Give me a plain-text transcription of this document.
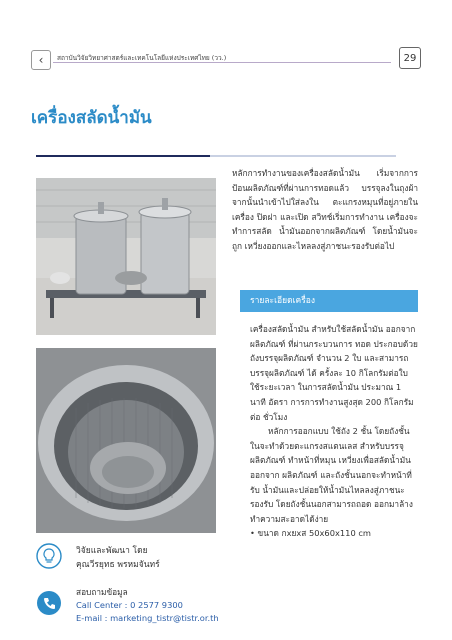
‹ สถาบันวิจัยวิทยาศาสตร์และเทคโนโลยีแห่งประเทศไทย (วว.)	29
เครื่องสลัดน้ำมัน
หลักการทำงานของเครื่องสลัดน้ำมัน เริ่มจากการป้อนผลิตภัณฑ์ที่ผ่านการทอดแล้ว บรรจุลงในถุงผ้า จากนั้นนำเข้าไปใส่ลงใน ตะแกรงหมุนที่อยู่ภายในเครื่อง ปิดฝา และเปิด สวิทช์เริ่มการทำงาน เครื่องจะทำการสลัด น้ำมันออกจากผลิตภัณฑ์ โดยน้ำมันจะถูก เหวี่ยงออกและไหลลงสู่ภาชนะรองรับต่อไป
รายละเอียดเครื่อง

เครื่องสลัดน้ำมัน สำหรับใช้สลัดน้ำมัน ออกจากผลิตภัณฑ์ ที่ผ่านกระบวนการ ทอด ประกอบด้วยถังบรรจุผลิตภัณฑ์ จำนวน 2 ใบ และสามารถบรรจุผลิตภัณฑ์ ได้ ครั้งละ 10 กิโลกรัมต่อใบ ใช้ระยะเวลา ในการสลัดน้ำมัน ประมาณ 1 นาที อัตรา การการทำงานสูงสุด 200 กิโลกรัมต่อ ชั่วโมง

หลักการออกแบบ ใช้ถัง 2 ชั้น โดยถังชั้นในจะทำด้วยตะแกรงสแตนเลส สำหรับบรรจุผลิตภัณฑ์ ทำหน้าที่หมุน เหวี่ยงเพื่อสลัดน้ำมันออกจาก ผลิตภัณฑ์ และถังชั้นนอกจะทำหน้าที่รับ น้ำมันและปล่อยให้น้ำมันไหลลงสู่ภาชนะ รองรับ โดยถังชั้นนอกสามารถถอด ออกมาล้างทำความสะอาดได้ง่าย

• ขนาด กxยxส 50x60x110 cm

วิจัยและพัฒนา โดย
คุณวีรยุทธ พรหมจันทร์
สอบถามข้อมูล
Call Center : 0 2577 9300
E-mail : marketing_tistr@tistr.or.th
